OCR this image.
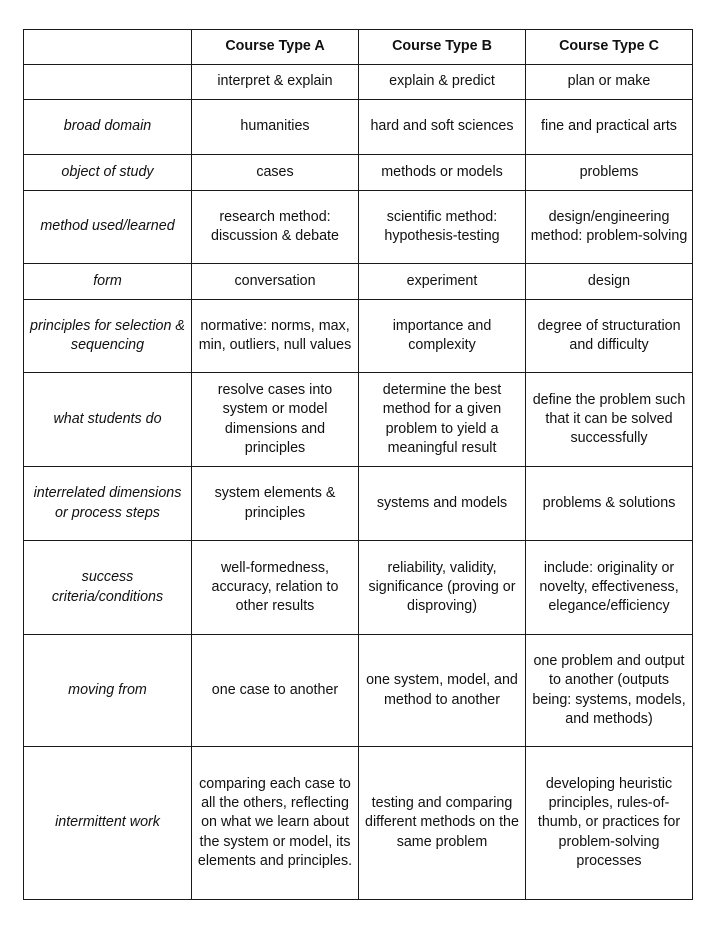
	Course Type A	Course Type B	Course Type C
	interpret & explain	explain & predict	plan or make
broad domain	humanities	hard and soft sciences	fine and practical arts
object of study	cases	methods or models	problems
method used/learned	research method: discussion & debate	scientific method: hypothesis-testing	design/engineering method: problem-solving
form	conversation	experiment	design
principles for selection & sequencing	normative: norms, max, min, outliers, null values	importance and complexity	degree of structuration and difficulty
what students do	resolve cases into system or model dimensions and principles	determine the best method for a given problem to yield a meaningful result	define the problem such that it can be solved successfully
interrelated dimensions or process steps	system elements & principles	systems and models	problems & solutions
success criteria/conditions	well-formedness, accuracy, relation to other results	reliability, validity, significance (proving or disproving)	include: originality or novelty, effectiveness, elegance/efficiency
moving from	one case to another	one system, model, and method to another	one problem and output to another (outputs being: systems, models, and methods)
intermittent work	comparing each case to all the others, reflecting on what we learn about the system or model, its elements and principles.	testing and comparing different methods on the same problem	developing heuristic principles, rules-of-thumb, or practices for problem-solving processes
